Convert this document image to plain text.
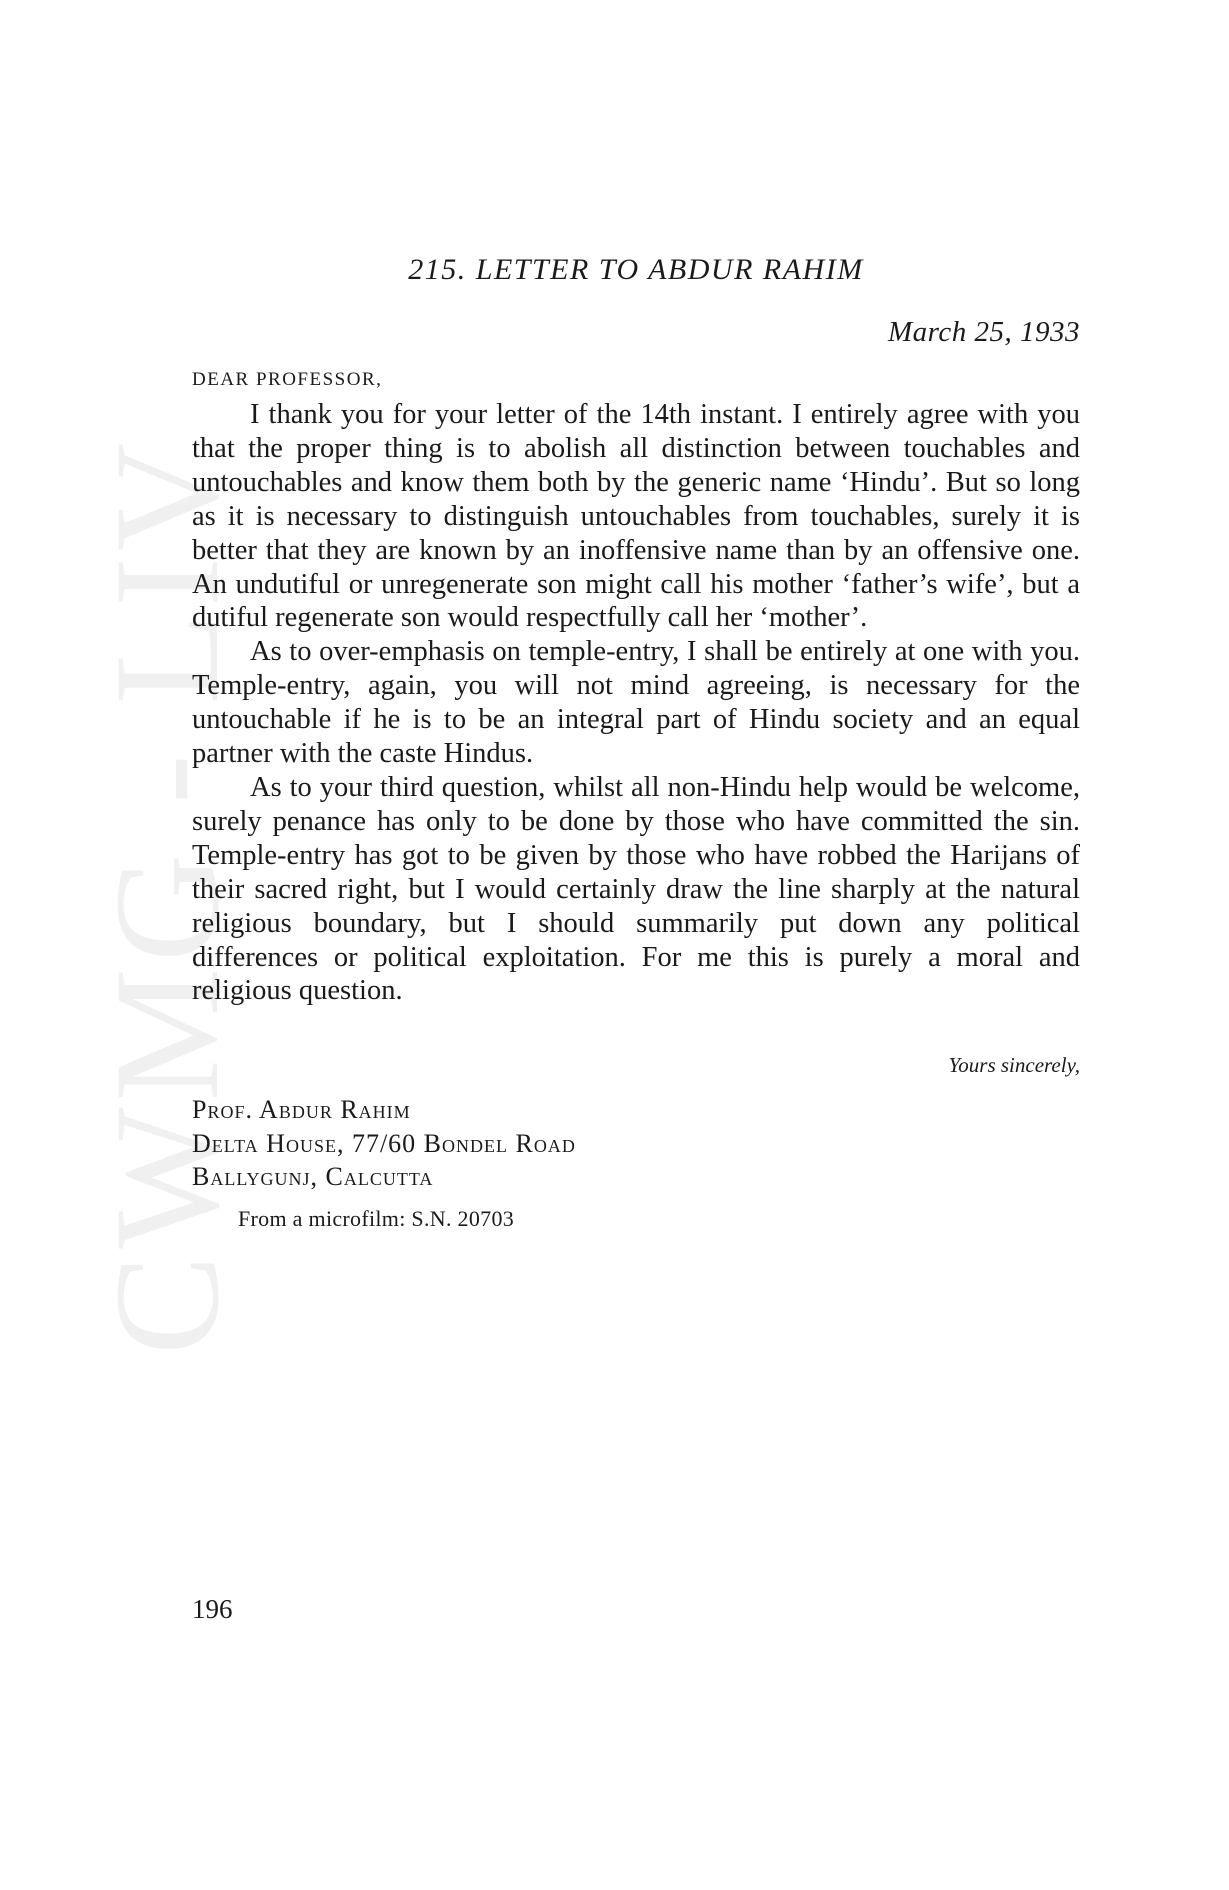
CWMG - LIV
215. LETTER TO ABDUR RAHIM
March 25, 1933
DEAR PROFESSOR,

I thank you for your letter of the 14th instant. I entirely agree with you that the proper thing is to abolish all distinction between touchables and untouchables and know them both by the generic name ‘Hindu’. But so long as it is necessary to distinguish untouchables from touchables, surely it is better that they are known by an inoffensive name than by an offensive one. An undutiful or unregenerate son might call his mother ‘father’s wife’, but a dutiful regenerate son would respectfully call her ‘mother’.

As to over-emphasis on temple-entry, I shall be entirely at one with you. Temple-entry, again, you will not mind agreeing, is necessary for the untouchable if he is to be an integral part of Hindu society and an equal partner with the caste Hindus.

As to your third question, whilst all non-Hindu help would be welcome, surely penance has only to be done by those who have committed the sin. Temple-entry has got to be given by those who have robbed the Harijans of their sacred right, but I would certainly draw the line sharply at the natural religious boundary, but I should summarily put down any political differences or political exploitation. For me this is purely a moral and religious question.

Yours sincerely,
Prof. Abdur Rahim
Delta House, 77/60 Bondel Road
Ballygunj, Calcutta
From a microfilm: S.N. 20703
196
